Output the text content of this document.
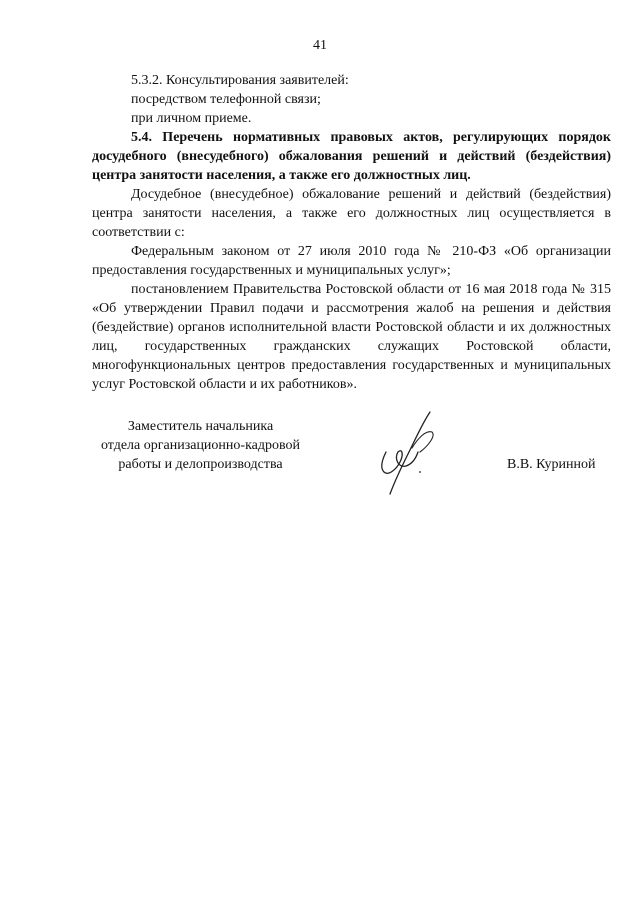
41

5.3.2. Консультирования заявителей:

посредством телефонной связи;

при личном приеме.

5.4. Перечень нормативных правовых актов, регулирующих порядок досудебного (внесудебного) обжалования решений и действий (бездействия) центра занятости населения, а также его должностных лиц.

Досудебное (внесудебное) обжалование решений и действий (бездействия) центра занятости населения, а также его должностных лиц осуществляется в соответствии с:

Федеральным законом от 27 июля 2010 года № 210-ФЗ «Об организации предоставления государственных и муниципальных услуг»;

постановлением Правительства Ростовской области от 16 мая 2018 года № 315 «Об утверждении Правил подачи и рассмотрения жалоб на решения и действия (бездействие) органов исполнительной власти Ростовской области и их должностных лиц, государственных гражданских служащих Ростовской области, многофункциональных центров предоставления государственных и муниципальных услуг Ростовской области и их работников».

Заместитель начальника

отдела организационно-кадровой

работы и делопроизводства	В.В. Куринной
